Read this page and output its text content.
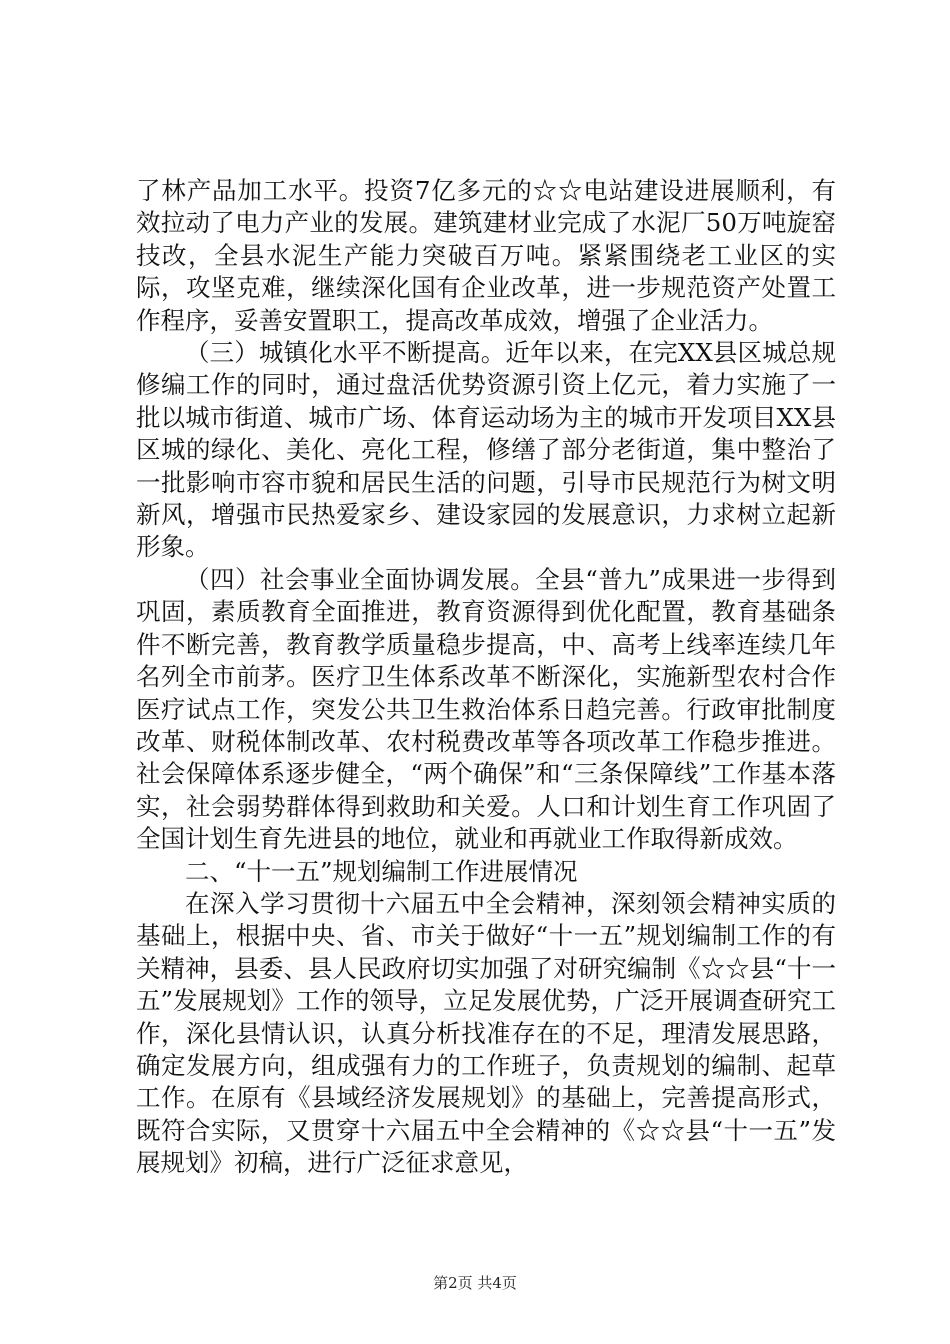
了林产品加工水平。投资7亿多元的☆☆电站建设进展顺利，有效拉动了电力产业的发展。建筑建材业完成了水泥厂50万吨旋窑技改，全县水泥生产能力突破百万吨。紧紧围绕老工业区的实际，攻坚克难，继续深化国有企业改革，进一步规范资产处置工作程序，妥善安置职工，提高改革成效，增强了企业活力。

（三）城镇化水平不断提高。近年以来，在完XX县区城总规修编工作的同时，通过盘活优势资源引资上亿元，着力实施了一批以城市街道、城市广场、体育运动场为主的城市开发项目XX县区城的绿化、美化、亮化工程，修缮了部分老街道，集中整治了一批影响市容市貌和居民生活的问题，引导市民规范行为树文明新风，增强市民热爱家乡、建设家园的发展意识，力求树立起新形象。

（四）社会事业全面协调发展。全县“普九”成果进一步得到巩固，素质教育全面推进，教育资源得到优化配置，教育基础条件不断完善，教育教学质量稳步提高，中、高考上线率连续几年名列全市前茅。医疗卫生体系改革不断深化，实施新型农村合作医疗试点工作，突发公共卫生救治体系日趋完善。行政审批制度改革、财税体制改革、农村税费改革等各项改革工作稳步推进。社会保障体系逐步健全，“两个确保”和“三条保障线”工作基本落实，社会弱势群体得到救助和关爱。人口和计划生育工作巩固了全国计划生育先进县的地位，就业和再就业工作取得新成效。

二、“十一五”规划编制工作进展情况

在深入学习贯彻十六届五中全会精神，深刻领会精神实质的基础上，根据中央、省、市关于做好“十一五”规划编制工作的有关精神，县委、县人民政府切实加强了对研究编制《☆☆县“十一五”发展规划》工作的领导，立足发展优势，广泛开展调查研究工作，深化县情认识，认真分析找准存在的不足，理清发展思路，确定发展方向，组成强有力的工作班子，负责规划的编制、起草工作。在原有《县域经济发展规划》的基础上，完善提高形式，既符合实际，又贯穿十六届五中全会精神的《☆☆县“十一五”发展规划》初稿，进行广泛征求意见，

第2页 共4页
